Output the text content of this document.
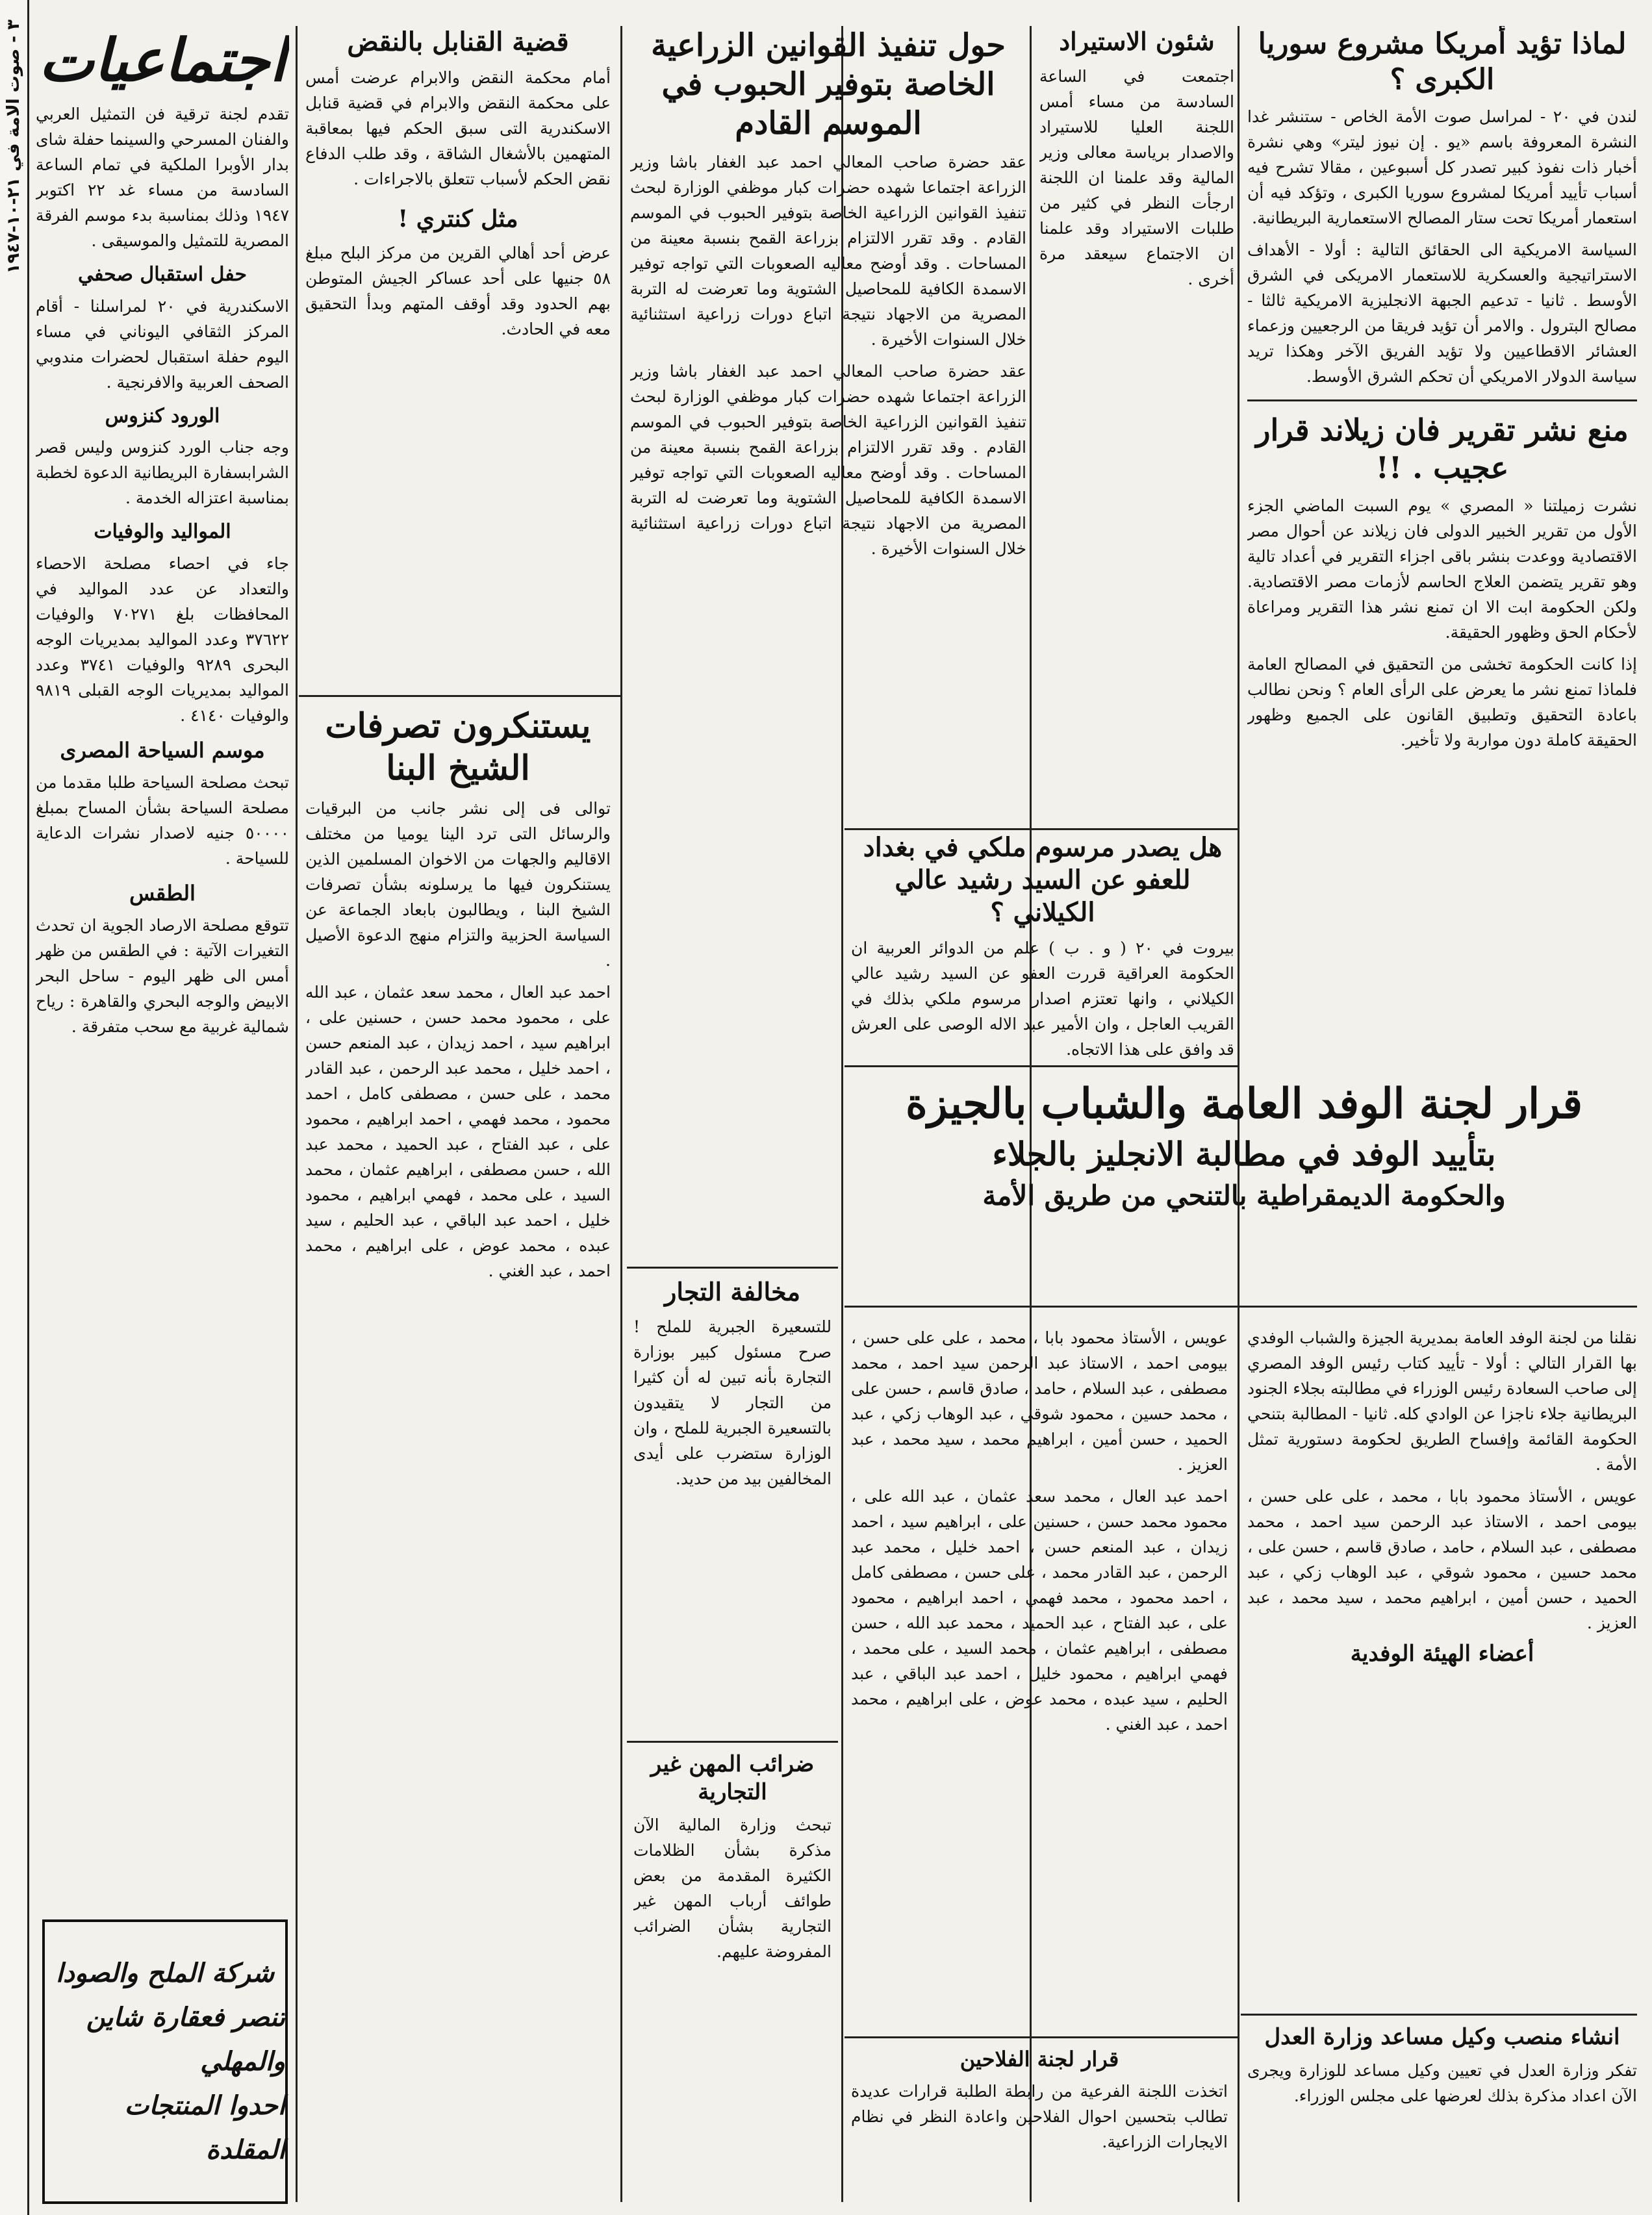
٣ - صوت الامة في ٢١-١٠-١٩٤٧
لماذا تؤيد أمريكا مشروع سوريا الكبرى ؟

لندن في ٢٠ - لمراسل صوت الأمة الخاص - ستنشر غدا النشرة المعروفة باسم «يو . إن نيوز ليتر» وهي نشرة أخبار ذات نفوذ كبير تصدر كل أسبوعين ، مقالا تشرح فيه أسباب تأييد أمريكا لمشروع سوريا الكبرى ، وتؤكد فيه أن استعمار أمريكا تحت ستار المصالح الاستعمارية البريطانية.

السياسة الامريكية الى الحقائق التالية : أولا - الأهداف الاستراتيجية والعسكرية للاستعمار الامريكى في الشرق الأوسط . ثانيا - تدعيم الجبهة الانجليزية الامريكية ثالثا - مصالح البترول . والامر أن تؤيد فريقا من الرجعيين وزعماء العشائر الاقطاعيين ولا تؤيد الفريق الآخر وهكذا تريد سياسة الدولار الامريكي أن تحكم الشرق الأوسط.

منع نشر تقرير فان زيلاند قرار عجيب . !!

نشرت زميلتنا « المصري » يوم السبت الماضي الجزء الأول من تقرير الخبير الدولى فان زيلاند عن أحوال مصر الاقتصادية ووعدت بنشر باقى اجزاء التقرير في أعداد تالية وهو تقرير يتضمن العلاج الحاسم لأزمات مصر الاقتصادية. ولكن الحكومة ابت الا ان تمنع نشر هذا التقرير ومراعاة لأحكام الحق وظهور الحقيقة.

إذا كانت الحكومة تخشى من التحقيق في المصالح العامة فلماذا تمنع نشر ما يعرض على الرأى العام ؟ ونحن نطالب باعادة التحقيق وتطبيق القانون على الجميع وظهور الحقيقة كاملة دون مواربة ولا تأخير.

شئون الاستيراد

اجتمعت في الساعة السادسة من مساء أمس اللجنة العليا للاستيراد والاصدار برياسة معالى وزير المالية وقد علمنا ان اللجنة ارجأت النظر في كثير من طلبات الاستيراد وقد علمنا ان الاجتماع سيعقد مرة أخرى .

هل يصدر مرسوم ملكي في بغداد للعفو عن السيد رشيد عالي الكيلاني ؟

بيروت في ٢٠ ( و . ب ) علم من الدوائر العربية ان الحكومة العراقية قررت العفو عن السيد رشيد عالي الكيلاني ، وانها تعتزم اصدار مرسوم ملكي بذلك في القريب العاجل ، وان الأمير عبد الاله الوصى على العرش قد وافق على هذا الاتجاه.

قرار لجنة الوفد العامة والشباب بالجيزة
بتأييد الوفد في مطالبة الانجليز بالجلاء
والحكومة الديمقراطية بالتنحي من طريق الأمة

نقلنا من لجنة الوفد العامة بمديرية الجيزة والشباب الوفدي بها القرار التالي : أولا - تأييد كتاب رئيس الوفد المصري إلى صاحب السعادة رئيس الوزراء في مطالبته بجلاء الجنود البريطانية جلاء ناجزا عن الوادي كله. ثانيا - المطالبة بتنحي الحكومة القائمة وإفساح الطريق لحكومة دستورية تمثل الأمة .

عويس ، الأستاذ محمود بابا ، محمد ، على على حسن ، بيومى احمد ، الاستاذ عبد الرحمن سيد احمد ، محمد مصطفى ، عبد السلام ، حامد ، صادق قاسم ، حسن على ، محمد حسين ، محمود شوقي ، عبد الوهاب زكي ، عبد الحميد ، حسن أمين ، ابراهيم محمد ، سيد محمد ، عبد العزيز .

أعضاء الهيئة الوفدية

عويس ، الأستاذ محمود بابا ، محمد ، على على حسن ، بيومى احمد ، الاستاذ عبد الرحمن سيد احمد ، محمد مصطفى ، عبد السلام ، حامد ، صادق قاسم ، حسن على ، محمد حسين ، محمود شوقي ، عبد الوهاب زكي ، عبد الحميد ، حسن أمين ، ابراهيم محمد ، سيد محمد ، عبد العزيز .

احمد عبد العال ، محمد سعد عثمان ، عبد الله على ، محمود محمد حسن ، حسنين على ، ابراهيم سيد ، احمد زيدان ، عبد المنعم حسن ، احمد خليل ، محمد عبد الرحمن ، عبد القادر محمد ، على حسن ، مصطفى كامل ، احمد محمود ، محمد فهمي ، احمد ابراهيم ، محمود على ، عبد الفتاح ، عبد الحميد ، محمد عبد الله ، حسن مصطفى ، ابراهيم عثمان ، محمد السيد ، على محمد ، فهمي ابراهيم ، محمود خليل ، احمد عبد الباقي ، عبد الحليم ، سيد عبده ، محمد عوض ، على ابراهيم ، محمد احمد ، عبد الغني .

قرار لجنة الفلاحين

اتخذت اللجنة الفرعية من رابطة الطلبة قرارات عديدة تطالب بتحسين احوال الفلاحين واعادة النظر في نظام الايجارات الزراعية.

انشاء منصب وكيل مساعد وزارة العدل

تفكر وزارة العدل في تعيين وكيل مساعد للوزارة ويجرى الآن اعداد مذكرة بذلك لعرضها على مجلس الوزراء.

حول تنفيذ القوانين الزراعية الخاصة بتوفير الحبوب في الموسم القادم

عقد حضرة صاحب المعالي احمد عبد الغفار باشا وزير الزراعة اجتماعا شهده حضرات كبار موظفي الوزارة لبحث تنفيذ القوانين الزراعية الخاصة بتوفير الحبوب في الموسم القادم . وقد تقرر الالتزام بزراعة القمح بنسبة معينة من المساحات . وقد أوضح معاليه الصعوبات التي تواجه توفير الاسمدة الكافية للمحاصيل الشتوية وما تعرضت له التربة المصرية من الاجهاد نتيجة اتباع دورات زراعية استثنائية خلال السنوات الأخيرة .

عقد حضرة صاحب المعالي احمد عبد الغفار باشا وزير الزراعة اجتماعا شهده حضرات كبار موظفي الوزارة لبحث تنفيذ القوانين الزراعية الخاصة بتوفير الحبوب في الموسم القادم . وقد تقرر الالتزام بزراعة القمح بنسبة معينة من المساحات . وقد أوضح معاليه الصعوبات التي تواجه توفير الاسمدة الكافية للمحاصيل الشتوية وما تعرضت له التربة المصرية من الاجهاد نتيجة اتباع دورات زراعية استثنائية خلال السنوات الأخيرة .

مخالفة التجار

للتسعيرة الجبرية للملح ! صرح مسئول كبير بوزارة التجارة بأنه تبين له أن كثيرا من التجار لا يتقيدون بالتسعيرة الجبرية للملح ، وان الوزارة ستضرب على أيدى المخالفين بيد من حديد.

ضرائب المهن غير التجارية

تبحث وزارة المالية الآن مذكرة بشأن الظلامات الكثيرة المقدمة من بعض طوائف أرباب المهن غير التجارية بشأن الضرائب المفروضة عليهم.

قضية القنابل بالنقض

أمام محكمة النقض والابرام عرضت أمس على محكمة النقض والابرام في قضية قنابل الاسكندرية التى سبق الحكم فيها بمعاقبة المتهمين بالأشغال الشاقة ، وقد طلب الدفاع نقض الحكم لأسباب تتعلق بالاجراءات .

مثل كنتري !

عرض أحد أهالي القرين من مركز البلح مبلغ ٥٨ جنيها على أحد عساكر الجيش المتوطن بهم الحدود وقد أوقف المتهم وبدأ التحقيق معه في الحادث.

يستنكرون تصرفات الشيخ البنا

توالى فى إلى نشر جانب من البرقيات والرسائل التى ترد الينا يوميا من مختلف الاقاليم والجهات من الاخوان المسلمين الذين يستنكرون فيها ما يرسلونه بشأن تصرفات الشيخ البنا ، ويطالبون بابعاد الجماعة عن السياسة الحزبية والتزام منهج الدعوة الأصيل .

احمد عبد العال ، محمد سعد عثمان ، عبد الله على ، محمود محمد حسن ، حسنين على ، ابراهيم سيد ، احمد زيدان ، عبد المنعم حسن ، احمد خليل ، محمد عبد الرحمن ، عبد القادر محمد ، على حسن ، مصطفى كامل ، احمد محمود ، محمد فهمي ، احمد ابراهيم ، محمود على ، عبد الفتاح ، عبد الحميد ، محمد عبد الله ، حسن مصطفى ، ابراهيم عثمان ، محمد السيد ، على محمد ، فهمي ابراهيم ، محمود خليل ، احمد عبد الباقي ، عبد الحليم ، سيد عبده ، محمد عوض ، على ابراهيم ، محمد احمد ، عبد الغني .

اجتماعيات

تقدم لجنة ترقية فن التمثيل العربي والفنان المسرحي والسينما حفلة شاى بدار الأوبرا الملكية في تمام الساعة السادسة من مساء غد ٢٢ اكتوبر ١٩٤٧ وذلك بمناسبة بدء موسم الفرقة المصرية للتمثيل والموسيقى .

حفل استقبال صحفي

الاسكندرية في ٢٠ لمراسلنا - أقام المركز الثقافي اليوناني في مساء اليوم حفلة استقبال لحضرات مندوبي الصحف العربية والافرنجية .

الورود كنزوس

وجه جناب الورد كنزوس وليس قصر الشرابسفارة البريطانية الدعوة لخطبة بمناسبة اعتزاله الخدمة .

المواليد والوفيات

جاء في احصاء مصلحة الاحصاء والتعداد عن عدد المواليد في المحافظات بلغ ٧٠٢٧١ والوفيات ٣٧٦٢٢ وعدد المواليد بمديريات الوجه البحرى ٩٢٨٩ والوفيات ٣٧٤١ وعدد المواليد بمديريات الوجه القبلى ٩٨١٩ والوفيات ٤١٤٠ .

موسم السياحة المصرى

تبحث مصلحة السياحة طلبا مقدما من مصلحة السياحة بشأن المساح بمبلغ ٥٠٠٠٠ جنيه لاصدار نشرات الدعاية للسياحة .

الطقس

تتوقع مصلحة الارصاد الجوية ان تحدث التغيرات الآتية : في الطقس من ظهر أمس الى ظهر اليوم - ساحل البحر الابيض والوجه البحري والقاهرة : رياح شمالية غربية مع سحب متفرقة .

شركة الملح والصودا
تنصر فعقارة شاين والمهلي
احدوا المنتجات المقلدة
